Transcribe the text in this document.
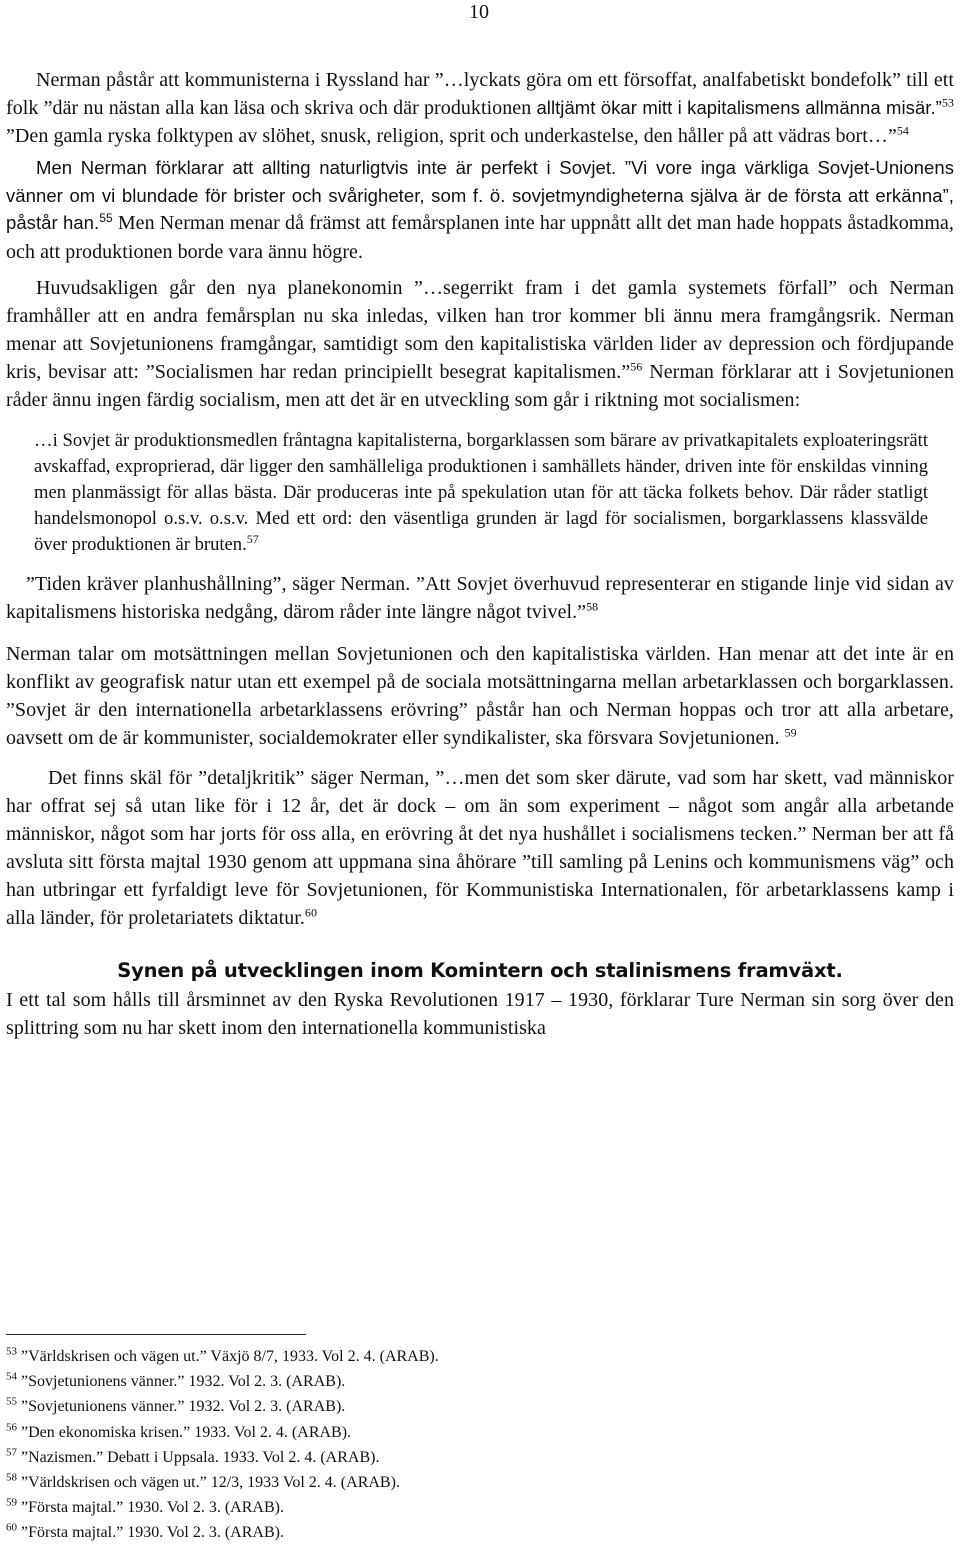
10

Nerman påstår att kommunisterna i Ryssland har ”…lyckats göra om ett försoffat, analfabetiskt bondefolk” till ett folk ”där nu nästan alla kan läsa och skriva och där produktionen alltjämt ökar mitt i kapitalismens allmänna misär.”$^{53}$ ”Den gamla ryska folktypen av slöhet, snusk, religion, sprit och underkastelse, den håller på att vädras bort…”$^{54}$

Men Nerman förklarar att allting naturligtvis inte är perfekt i Sovjet. ”Vi vore inga värkliga Sovjet-Unionens vänner om vi blundade för brister och svårigheter, som f. ö. sovjetmyndigheterna själva är de första att erkänna”, påstår han.$^{55}$ Men Nerman menar då främst att femårsplanen inte har uppnått allt det man hade hoppats åstadkomma, och att produktionen borde vara ännu högre.

Huvudsakligen går den nya planekonomin ”…segerrikt fram i det gamla systemets förfall” och Nerman framhåller att en andra femårsplan nu ska inledas, vilken han tror kommer bli ännu mera framgångsrik. Nerman menar att Sovjetunionens framgångar, samtidigt som den kapitalistiska världen lider av depression och fördjupande kris, bevisar att: ”Socialismen har redan principiellt besegrat kapitalismen.”$^{56}$ Nerman förklarar att i Sovjetunionen råder ännu ingen färdig socialism, men att det är en utveckling som går i riktning mot socialismen:

…i Sovjet är produktionsmedlen fråntagna kapitalisterna, borgarklassen som bärare av privatkapitalets exploateringsrätt avskaffad, exproprierad, där ligger den samhälleliga produktionen i samhällets händer, driven inte för enskildas vinning men planmässigt för allas bästa. Där produceras inte på spekulation utan för att täcka folkets behov. Där råder statligt handelsmonopol o.s.v. o.s.v. Med ett ord: den väsentliga grunden är lagd för socialismen, borgarklassens klassvälde över produktionen är bruten.$^{57}$

”Tiden kräver planhushållning”, säger Nerman. ”Att Sovjet överhuvud representerar en stigande linje vid sidan av kapitalismens historiska nedgång, därom råder inte längre något tvivel.”$^{58}$

Nerman talar om motsättningen mellan Sovjetunionen och den kapitalistiska världen. Han menar att det inte är en konflikt av geografisk natur utan ett exempel på de sociala motsättningarna mellan arbetarklassen och borgarklassen. ”Sovjet är den internationella arbetarklassens erövring” påstår han och Nerman hoppas och tror att alla arbetare, oavsett om de är kommunister, socialdemokrater eller syndikalister, ska försvara Sovjetunionen. $^{59}$

Det finns skäl för ”detaljkritik” säger Nerman, ”…men det som sker därute, vad som har skett, vad människor har offrat sej så utan like för i 12 år, det är dock – om än som experiment – något som angår alla arbetande människor, något som har jorts för oss alla, en erövring åt det nya hushållet i socialismens tecken.” Nerman ber att få avsluta sitt första majtal 1930 genom att uppmana sina åhörare ”till samling på Lenins och kommunismens väg” och han utbringar ett fyrfaldigt leve för Sovjetunionen, för Kommunistiska Internationalen, för arbetarklassens kamp i alla länder, för proletariatets diktatur.$^{60}$

Synen på utvecklingen inom Komintern och stalinismens framväxt.

I ett tal som hålls till årsminnet av den Ryska Revolutionen 1917 – 1930, förklarar Ture Nerman sin sorg över den splittring som nu har skett inom den internationella kommunistiska

$^{53}$ ”Världskrisen och vägen ut.” Växjö 8/7, 1933. Vol 2. 4. (ARAB).

$^{54}$ ”Sovjetunionens vänner.” 1932. Vol 2. 3. (ARAB).

$^{55}$ ”Sovjetunionens vänner.” 1932. Vol 2. 3. (ARAB).

$^{56}$ ”Den ekonomiska krisen.” 1933. Vol 2. 4. (ARAB).

$^{57}$ ”Nazismen.” Debatt i Uppsala. 1933. Vol 2. 4. (ARAB).

$^{58}$ ”Världskrisen och vägen ut.” 12/3, 1933 Vol 2. 4. (ARAB).

$^{59}$ ”Första majtal.” 1930. Vol 2. 3. (ARAB).

$^{60}$ ”Första majtal.” 1930. Vol 2. 3. (ARAB).
